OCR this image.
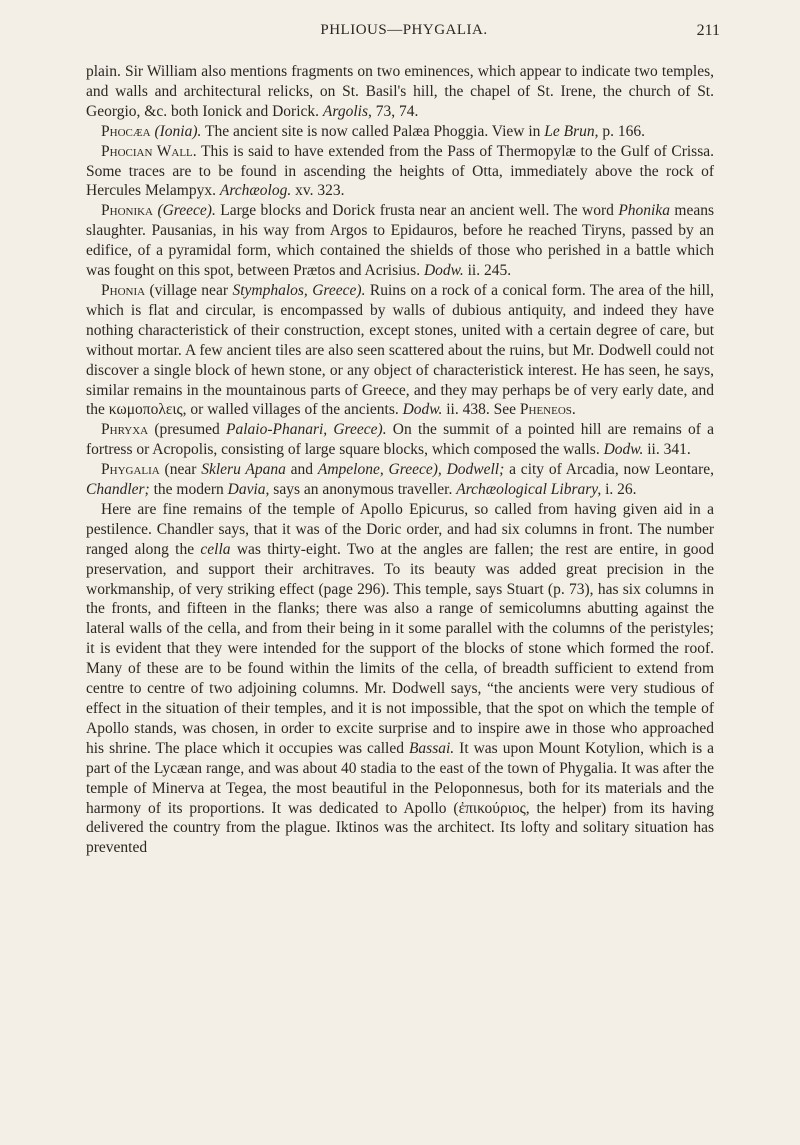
PHLIOUS—PHYGALIA.	211

plain. Sir William also mentions fragments on two eminences, which appear to indicate two temples, and walls and architectural relicks, on St. Basil's hill, the chapel of St. Irene, the church of St. Georgio, &c. both Ionick and Dorick. Argolis, 73, 74.

Phocæa (Ionia). The ancient site is now called Palæa Phoggia. View in Le Brun, p. 166.

Phocian Wall. This is said to have extended from the Pass of Thermopylæ to the Gulf of Crissa. Some traces are to be found in ascending the heights of Otta, immediately above the rock of Hercules Melampyx. Archæolog. xv. 323.

Phonika (Greece). Large blocks and Dorick frusta near an ancient well. The word Phonika means slaughter. Pausanias, in his way from Argos to Epidauros, before he reached Tiryns, passed by an edifice, of a pyramidal form, which contained the shields of those who perished in a battle which was fought on this spot, between Prætos and Acrisius. Dodw. ii. 245.

Phonia (village near Stymphalos, Greece). Ruins on a rock of a conical form. The area of the hill, which is flat and circular, is encompassed by walls of dubious antiquity, and indeed they have nothing characteristick of their construction, except stones, united with a certain degree of care, but without mortar. A few ancient tiles are also seen scattered about the ruins, but Mr. Dodwell could not discover a single block of hewn stone, or any object of characteristick interest. He has seen, he says, similar remains in the mountainous parts of Greece, and they may perhaps be of very early date, and the κωμοπολεις, or walled villages of the ancients. Dodw. ii. 438. See Pheneos.

Phryxa (presumed Palaio-Phanari, Greece). On the summit of a pointed hill are remains of a fortress or Acropolis, consisting of large square blocks, which composed the walls. Dodw. ii. 341.

Phygalia (near Skleru Apana and Ampelone, Greece), Dodwell; a city of Arcadia, now Leontare, Chandler; the modern Davia, says an anonymous traveller. Archæological Library, i. 26.

Here are fine remains of the temple of Apollo Epicurus, so called from having given aid in a pestilence. Chandler says, that it was of the Doric order, and had six columns in front. The number ranged along the cella was thirty-eight. Two at the angles are fallen; the rest are entire, in good preservation, and support their architraves. To its beauty was added great precision in the workmanship, of very striking effect (page 296). This temple, says Stuart (p. 73), has six columns in the fronts, and fifteen in the flanks; there was also a range of semicolumns abutting against the lateral walls of the cella, and from their being in it some parallel with the columns of the peristyles; it is evident that they were intended for the support of the blocks of stone which formed the roof. Many of these are to be found within the limits of the cella, of breadth sufficient to extend from centre to centre of two adjoining columns. Mr. Dodwell says, “the ancients were very studious of effect in the situation of their temples, and it is not impossible, that the spot on which the temple of Apollo stands, was chosen, in order to excite surprise and to inspire awe in those who approached his shrine. The place which it occupies was called Bassai. It was upon Mount Kotylion, which is a part of the Lycæan range, and was about 40 stadia to the east of the town of Phygalia. It was after the temple of Minerva at Tegea, the most beautiful in the Peloponnesus, both for its materials and the harmony of its proportions. It was dedicated to Apollo (ἐπικούριος, the helper) from its having delivered the country from the plague. Iktinos was the architect. Its lofty and solitary situation has prevented
